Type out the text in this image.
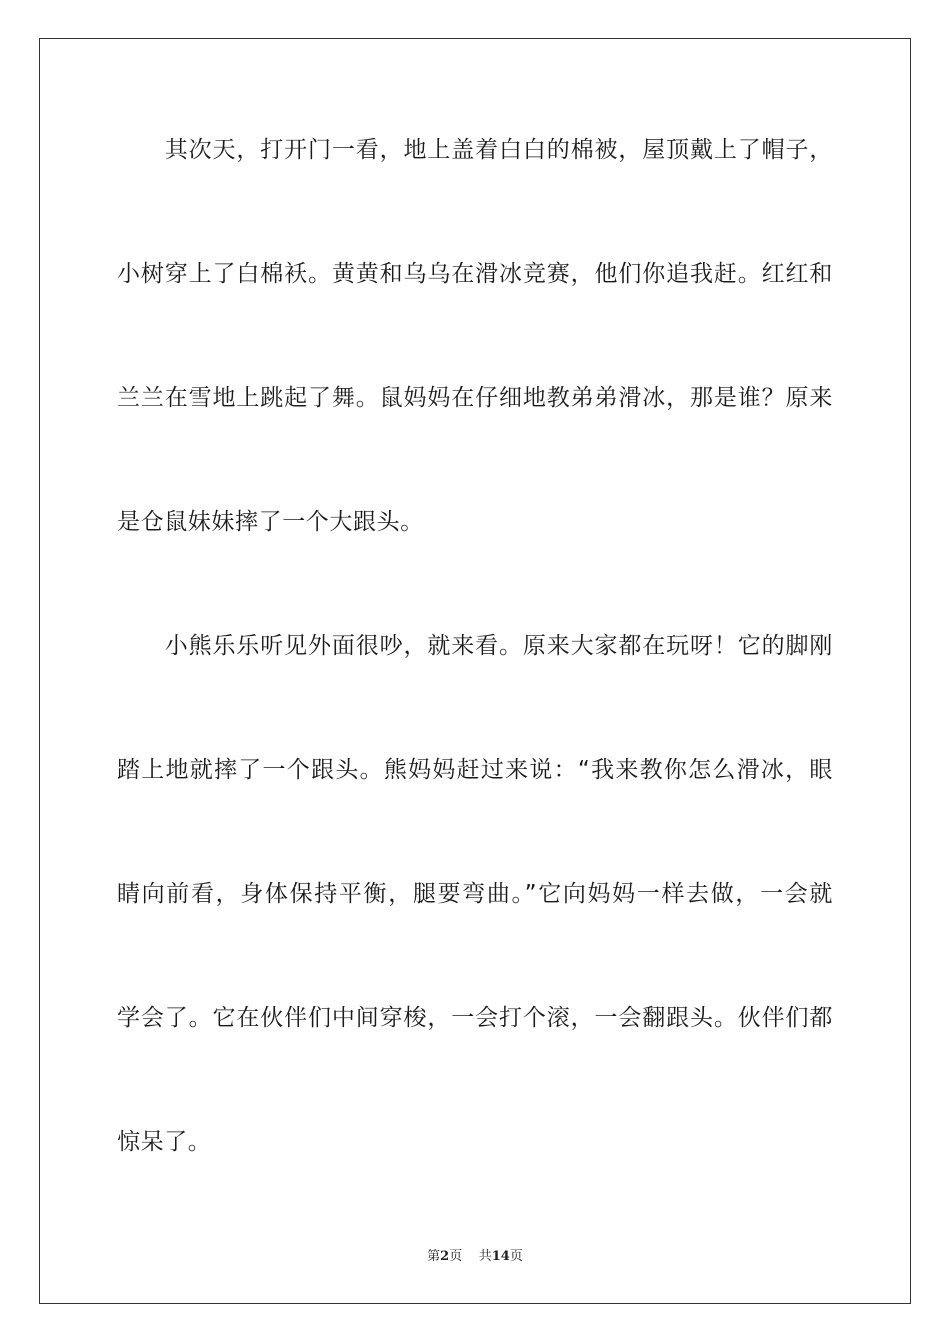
　　其次天，打开门一看，地上盖着白白的棉被，屋顶戴上了帽子，
小树穿上了白棉袄。黄黄和乌乌在滑冰竞赛，他们你追我赶。红红和
兰兰在雪地上跳起了舞。鼠妈妈在仔细地教弟弟滑冰，那是谁？原来
是仓鼠妹妹摔了一个大跟头。
　　小熊乐乐听见外面很吵，就来看。原来大家都在玩呀！它的脚刚
踏上地就摔了一个跟头。熊妈妈赶过来说：“我来教你怎么滑冰，眼
睛向前看，身体保持平衡，腿要弯曲。”它向妈妈一样去做，一会就
学会了。它在伙伴们中间穿梭，一会打个滚，一会翻跟头。伙伴们都
惊呆了。
第2页 共14页
